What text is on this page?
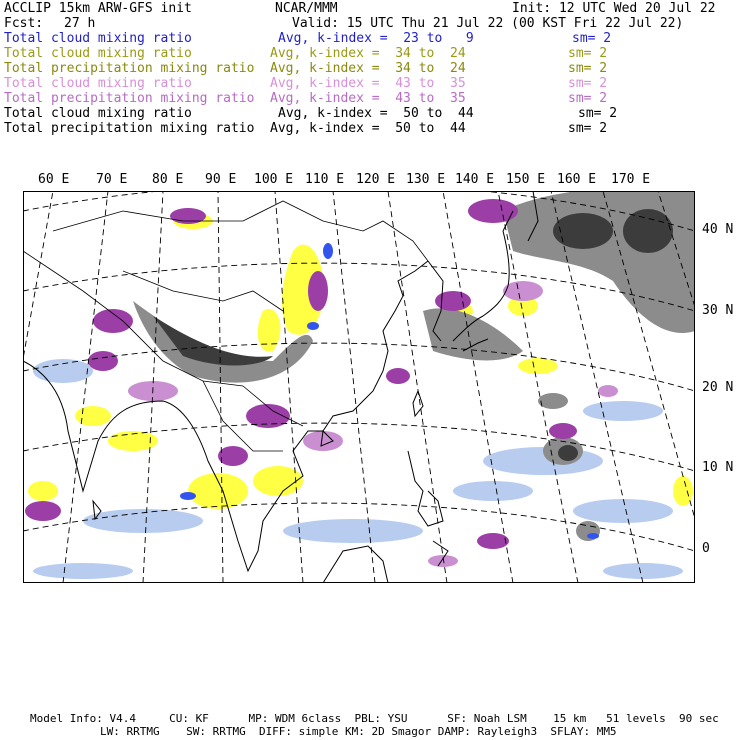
ACCLIP 15km ARW-GFS init	NCAR/MMM	Init: 12 UTC Wed 20 Jul 22
Fcst: 27 h	Valid: 15 UTC Thu 21 Jul 22 (00 KST Fri 22 Jul 22)
Total cloud mixing ratio	Avg, k-index =  23 to   9	sm= 2
Total cloud mixing ratio	Avg, k-index =  34 to  24	sm= 2
Total precipitation mixing ratio Avg, k-index =  34 to  24	sm= 2
Total cloud mixing ratio	Avg, k-index =  43 to  35	sm= 2
Total precipitation mixing ratio Avg, k-index =  43 to  35	sm= 2
Total cloud mixing ratio	Avg, k-index =  50 to  44	sm= 2
Total precipitation mixing ratio Avg, k-index =  50 to  44	sm= 2
60 E 70 E 80 E 90 E 100 E 110 E 120 E 130 E 140 E 150 E 160 E 170 E
40 N
30 N
20 N
10 N
0
Model Info: V4.4     CU: KF      MP: WDM 6class  PBL: YSU      SF: Noah LSM    15 km   51 levels  90 sec
LW: RRTMG    SW: RRTMG  DIFF: simple KM: 2D Smagor DAMP: Rayleigh3  SFLAY: MM5
